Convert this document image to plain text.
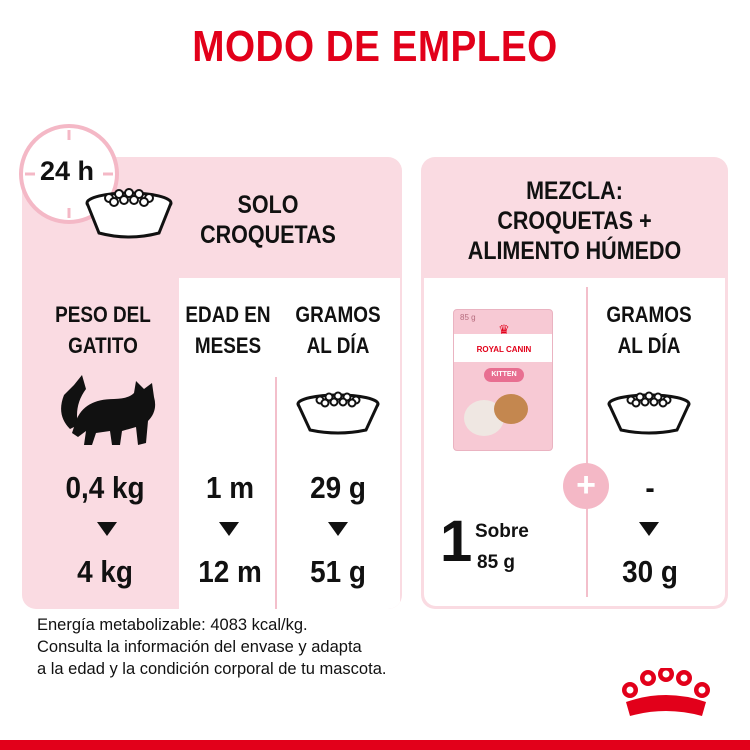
MODO DE EMPLEO
24 h
SOLO
CROQUETAS
PESO DEL
GATITO
EDAD EN
MESES
GRAMOS
AL DÍA
0,4 kg
4 kg
1 m
12 m
29 g
51 g
MEZCLA:
CROQUETAS +
ALIMENTO HÚMEDO
85 g
♛
ROYAL CANIN
KITTEN
1 Sobre
85 g
GRAMOS
AL DÍA
+	-
30 g
Energía metabolizable: 4083 kcal/kg.
Consulta la información del envase y adapta
a la edad y la condición corporal de tu mascota.
